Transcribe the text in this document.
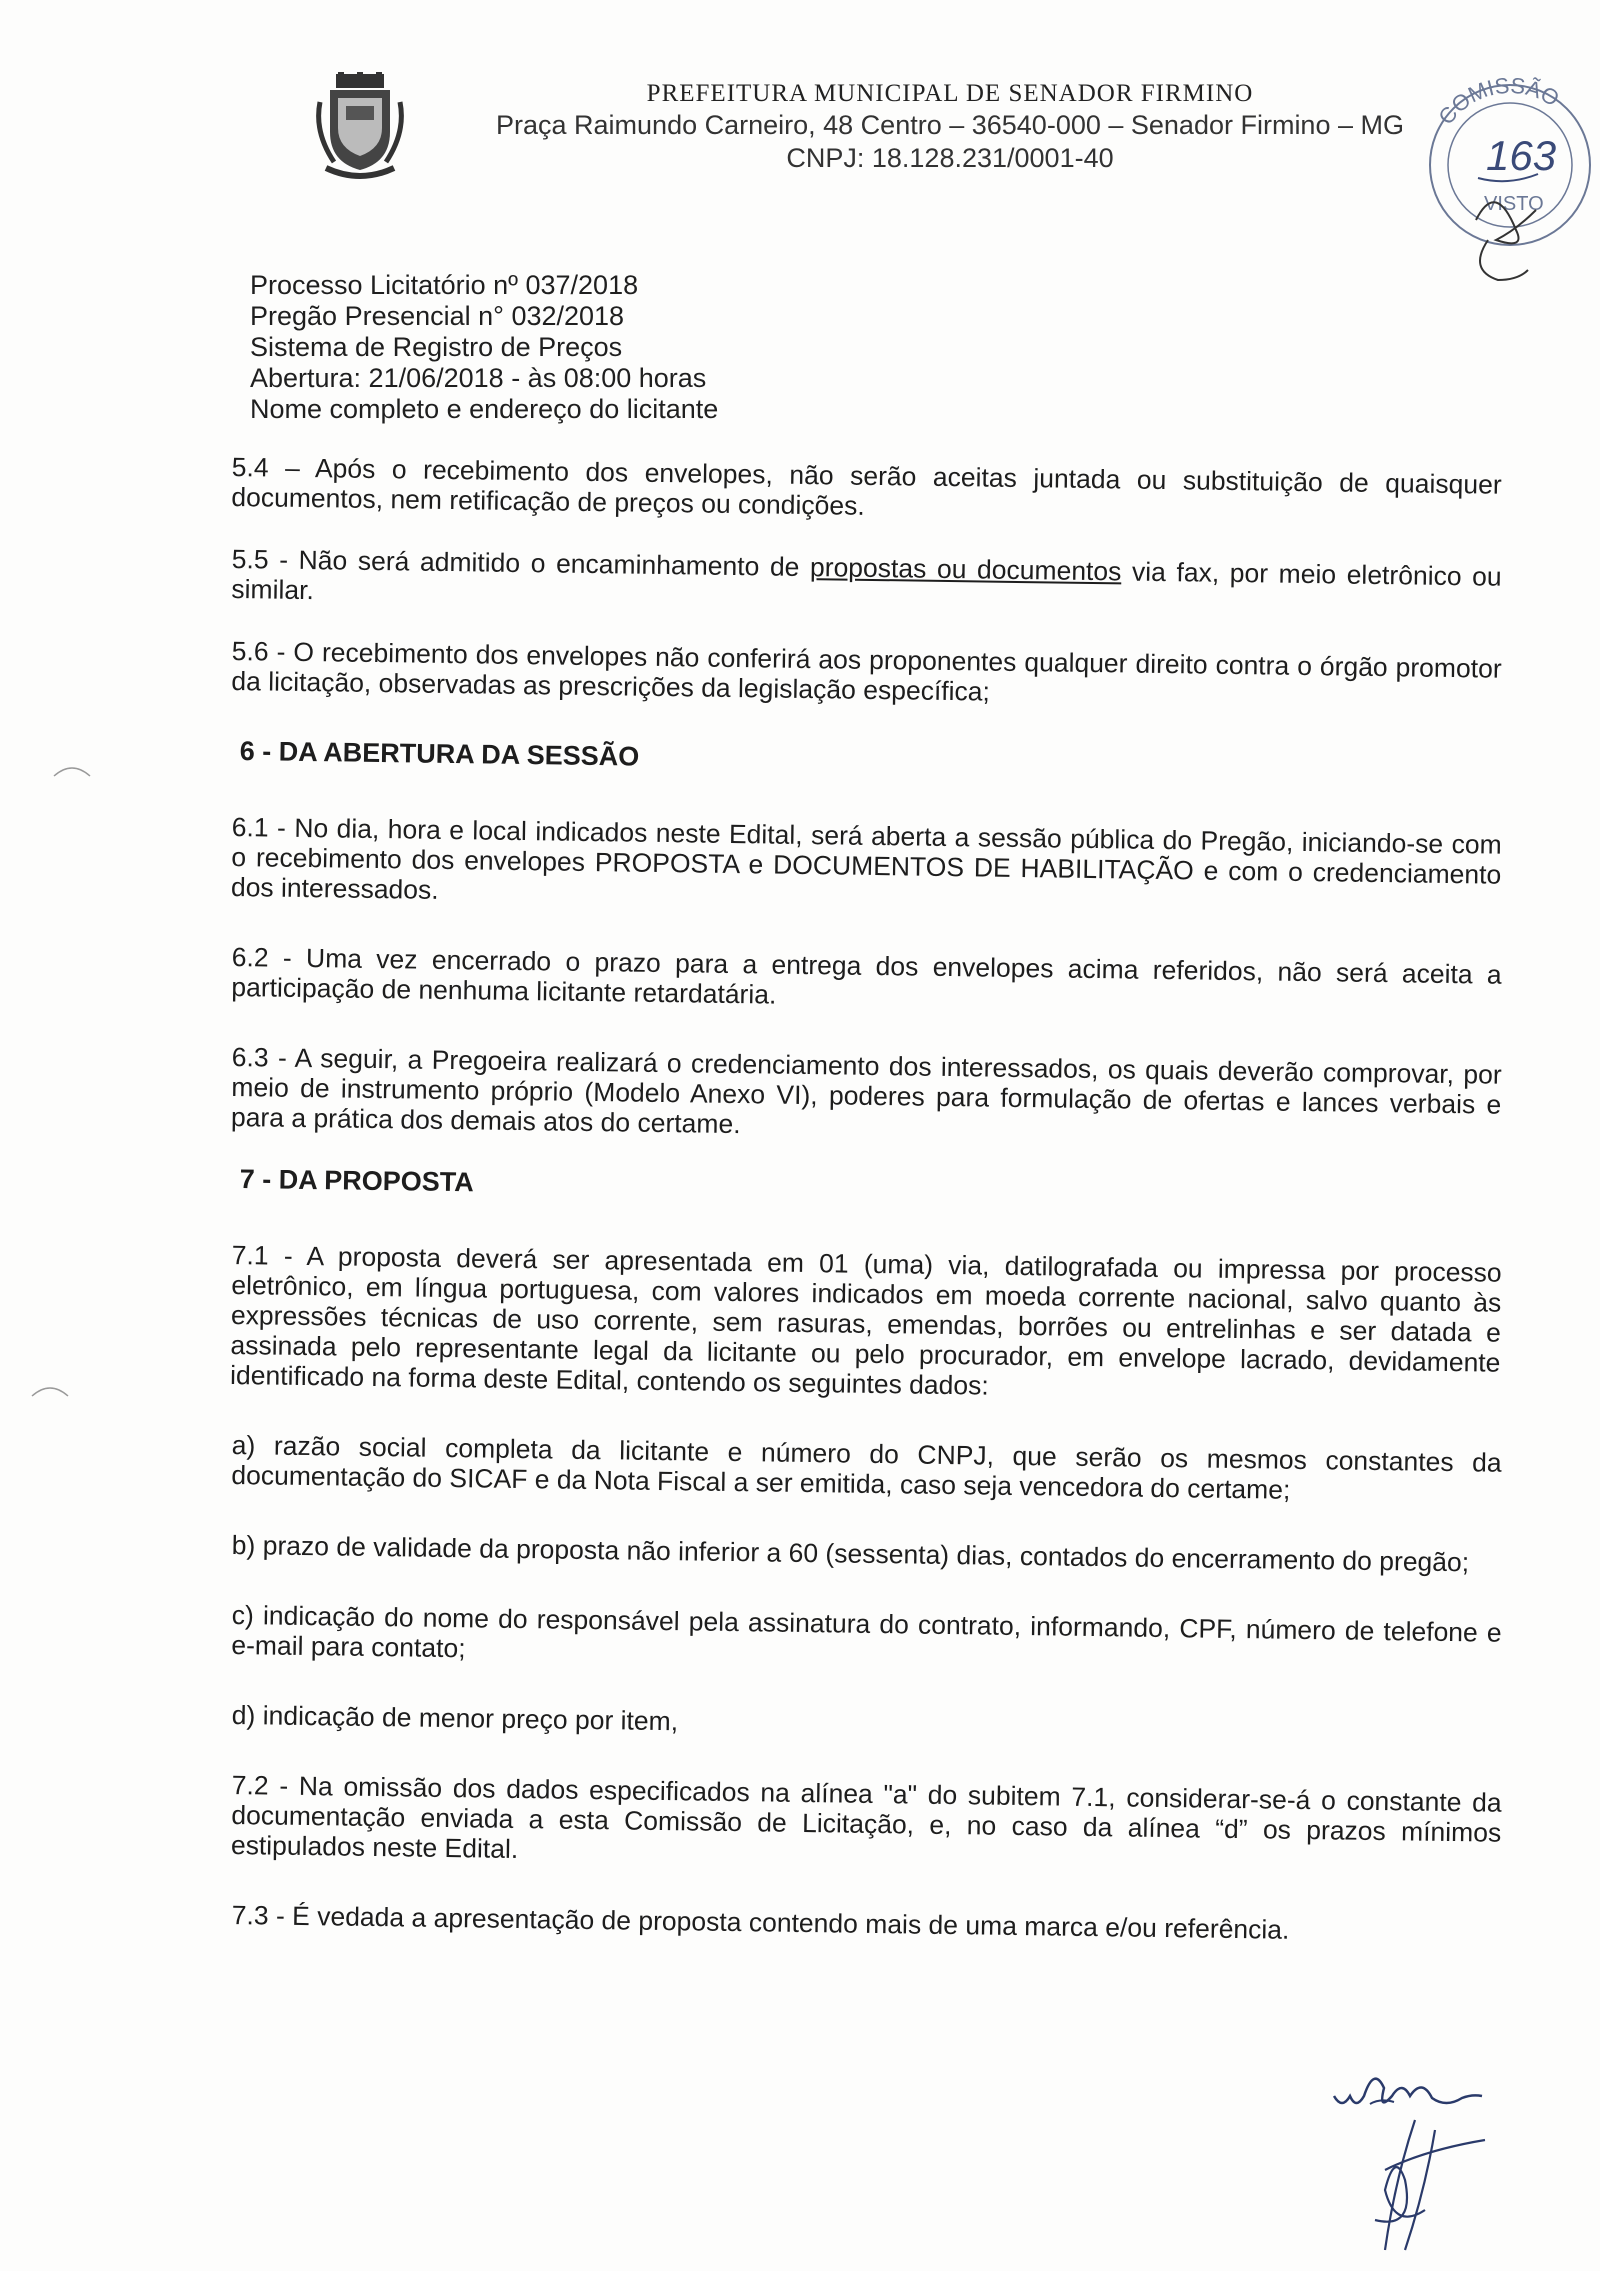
PREFEITURA MUNICIPAL DE SENADOR FIRMINO
Praça Raimundo Carneiro, 48 Centro – 36540-000 – Senador Firmino – MG
CNPJ: 18.128.231/0001-40
COMISSÃO
163
VISTO
Processo Licitatório nº 037/2018
Pregão Presencial n° 032/2018
Sistema de Registro de Preços
Abertura: 21/06/2018 - às 08:00 horas
Nome completo e endereço do licitante

5.4 – Após o recebimento dos envelopes, não serão aceitas juntada ou substituição de quaisquer documentos, nem retificação de preços ou condições.

5.5 - Não será admitido o encaminhamento de propostas ou documentos via fax, por meio eletrônico ou similar.

5.6 - O recebimento dos envelopes não conferirá aos proponentes qualquer direito contra o órgão promotor da licitação, observadas as prescrições da legislação específica;

6 - DA ABERTURA DA SESSÃO

6.1 - No dia, hora e local indicados neste Edital, será aberta a sessão pública do Pregão, iniciando-se com o recebimento dos envelopes PROPOSTA e DOCUMENTOS DE HABILITAÇÃO e com o credenciamento dos interessados.

6.2 - Uma vez encerrado o prazo para a entrega dos envelopes acima referidos, não será aceita a participação de nenhuma licitante retardatária.

6.3 - A seguir, a Pregoeira realizará o credenciamento dos interessados, os quais deverão comprovar, por meio de instrumento próprio (Modelo Anexo VI), poderes para formulação de ofertas e lances verbais e para a prática dos demais atos do certame.

7 - DA PROPOSTA

7.1 - A proposta deverá ser apresentada em 01 (uma) via, datilografada ou impressa por processo eletrônico, em língua portuguesa, com valores indicados em moeda corrente nacional, salvo quanto às expressões técnicas de uso corrente, sem rasuras, emendas, borrões ou entrelinhas e ser datada e assinada pelo representante legal da licitante ou pelo procurador, em envelope lacrado, devidamente identificado na forma deste Edital, contendo os seguintes dados:

a) razão social completa da licitante e número do CNPJ, que serão os mesmos constantes da documentação do SICAF e da Nota Fiscal a ser emitida, caso seja vencedora do certame;

b) prazo de validade da proposta não inferior a 60 (sessenta) dias, contados do encerramento do pregão;

c) indicação do nome do responsável pela assinatura do contrato, informando, CPF, número de telefone e e-mail para contato;

d) indicação de menor preço por item,

7.2 - Na omissão dos dados especificados na alínea "a" do subitem 7.1, considerar-se-á o constante da documentação enviada a esta Comissão de Licitação, e, no caso da alínea “d” os prazos mínimos estipulados neste Edital.

7.3 - É vedada a apresentação de proposta contendo mais de uma marca e/ou referência.
